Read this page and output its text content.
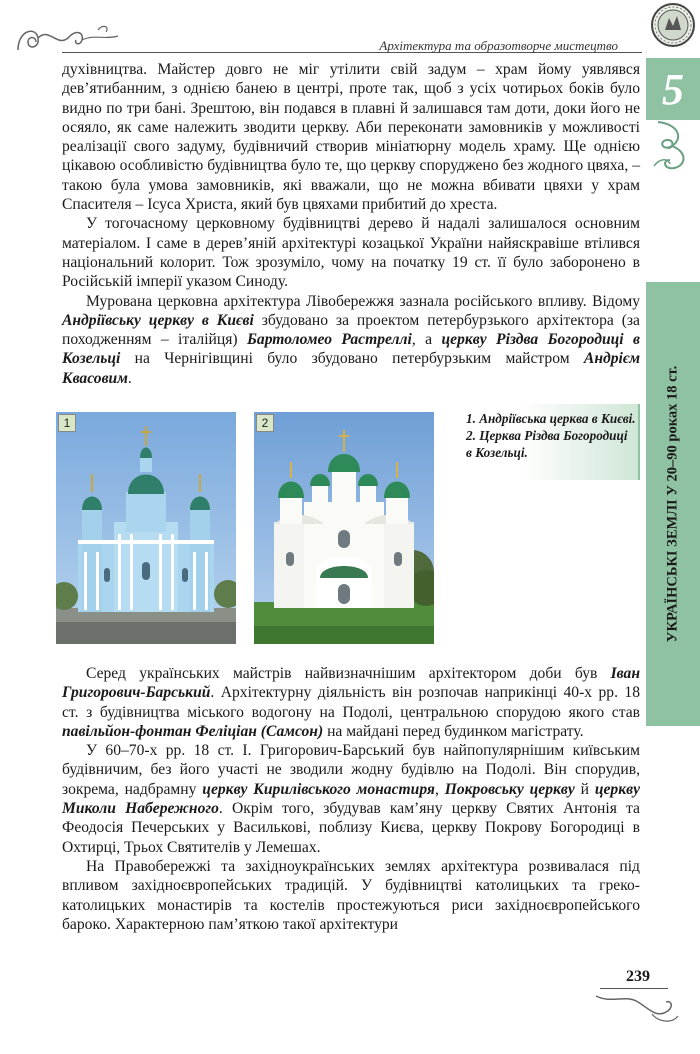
Архітектура та образотворче мистецтво
5
УКРАЇНСЬКІ ЗЕМЛІ У 20–90 роках 18 ст.

духівництва. Майстер довго не міг утілити свій задум – храм йому уявлявся дев’ятибанним, з однією банею в центрі, проте так, щоб з усіх чотирьох боків було видно по три бані. Зрештою, він подався в плавні й залишався там доти, доки його не осяяло, як саме належить зводити церкву. Аби переконати замовників у можливості реалізації свого задуму, будівничий створив мініатюрну модель храму. Ще однією цікавою особливістю будівництва було те, що церкву споруджено без жодного цвяха, – такою була умова замовників, які вважали, що не можна вбивати цвяхи у храм Спасителя – Ісуса Христа, який був цвяхами прибитий до хреста.

У тогочасному церковному будівництві дерево й надалі залишалося основним матеріалом. І саме в дерев’яній архітектурі козацької України найяскравіше втілився національний колорит. Тож зрозуміло, чому на початку 19 ст. її було заборонено в Російській імперії указом Синоду.

Мурована церковна архітектура Лівобережжя зазнала російського впливу. Відому Андріївську церкву в Києві збудовано за проектом петербурзького архітектора (за походженням – італійця) Бартоломео Растреллі, а церкву Різдва Богородиці в Козельці на Чернігівщині було збудовано петербурзьким майстром Андрієм Квасовим.

1	2	1. Андріївська церква в Києві.
2. Церква Різдва Богородиці в Козельці.

Серед українських майстрів найвизначнішим архітектором доби був Іван Григорович-Барський. Архітектурну діяльність він розпочав наприкінці 40-х рр. 18 ст. з будівництва міського водогону на Подолі, центральною спорудою якого став павільйон-фонтан Феліціан (Самсон) на майдані перед будинком магістрату.

У 60–70-х рр. 18 ст. І. Григорович-Барський був найпопулярнішим київським будівничим, без його участі не зводили жодну будівлю на Подолі. Він спорудив, зокрема, надбрамну церкву Кирилівського монастиря, Покровську церкву й церкву Миколи Набережного. Окрім того, збудував кам’яну церкву Святих Антонія та Феодосія Печерських у Василькові, поблизу Києва, церкву Покрову Богородиці в Охтирці, Трьох Святителів у Лемешах.

На Правобережжі та західноукраїнських землях архітектура розвивалася під впливом західноєвропейських традицій. У будівництві католицьких та греко-католицьких монастирів та костелів простежуються риси західноєвропейського бароко. Характерною пам’яткою такої архітектури

239
